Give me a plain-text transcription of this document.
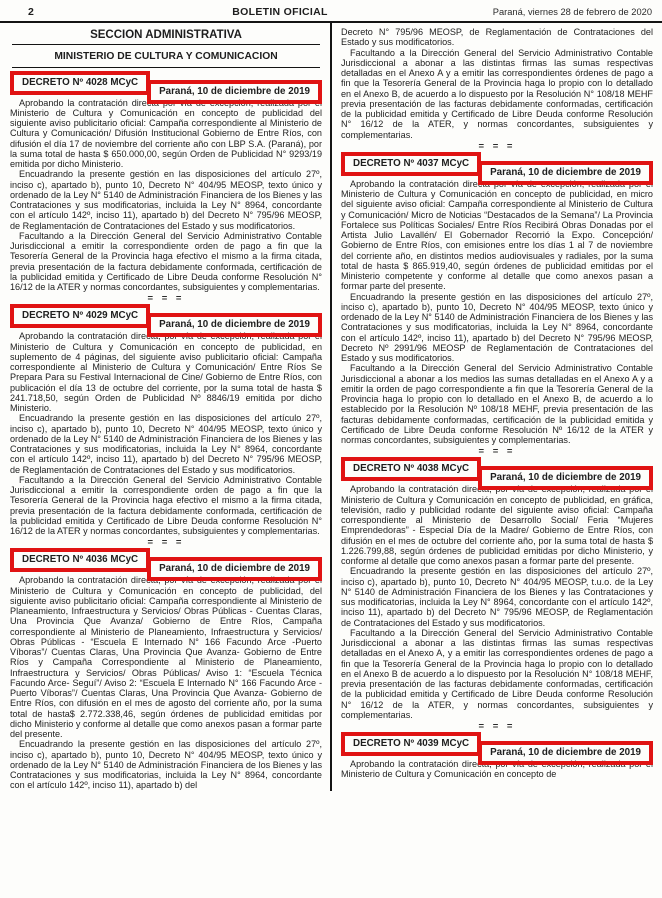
2	BOLETIN OFICIAL	Paraná, viernes 28 de febrero de 2020
SECCION ADMINISTRATIVA
MINISTERIO DE CULTURA Y COMUNICACION
DECRETO Nº 4028 MCyC
Paraná, 10 de diciembre de 2019

Aprobando la contratación directa por vía de excepción, realizada por el Ministerio de Cultura y Comunicación en concepto de publicidad del siguiente aviso publicitario oficial: Campaña correspondiente al Ministerio de Cultura y Comunicación/ Difusión Institucional Gobierno de Entre Ríos, con difusión el día 17 de noviembre del corriente año con LBP S.A. (Paraná), por la suma total de hasta $ 650.000,00, según Orden de Publicidad N° 9293/19 emitida por dicho Ministerio.

Encuadrando la presente gestión en las disposiciones del artículo 27º, inciso c), apartado b), punto 10, Decreto N° 404/95 MEOSP, texto único y ordenado de la Ley N° 5140 de Administración Financiera de los Bienes y las Contrataciones y sus modificatorias, incluida la Ley N° 8964, concordante con el artículo 142º, inciso 11), apartado b) del Decreto N° 795/96 MEOSP, de Reglamentación de Contrataciones del Estado y sus modificatorios.

Facultando a la Dirección General del Servicio Administrativo Contable Jurisdiccional a emitir la correspondiente orden de pago a fin que la Tesorería General de la Provincia haga efectivo el mismo a la firma citada, previa presentación de la factura debidamente conformada, certificación de la publicidad emitida y Certificado de Libre Deuda conforme Resolución N° 16/12 de la ATER y normas concordantes, subsiguientes y complementarias.

= = =
DECRETO Nº 4029 MCyC
Paraná, 10 de diciembre de 2019

Aprobando la contratación directa, por vía de excepción, realizada por el Ministerio de Cultura y Comunicación en concepto de publicidad, en suplemento de 4 páginas, del siguiente aviso publicitario oficial: Campaña correspondiente al Ministerio de Cultura y Comunicación/ Entre Ríos Se Prepara Para su Festival Internacional de Cine/ Gobierno de Entre Ríos, con publicación el día 13 de octubre del corriente, por la suma total de hasta $ 241.718,50, según Orden de Publicidad Nº 8846/19 emitida por dicho Ministerio.

Encuadrando la presente gestión en las disposiciones del artículo 27º, inciso c), apartado b), punto 10, Decreto N° 404/95 MEOSP, texto único y ordenado de la Ley N° 5140 de Administración Financiera de los Bienes y las Contrataciones y sus modificatorias, incluida la Ley N° 8964, concordante con el artículo 142º, inciso 11), apartado b) del Decreto N° 795/96 MEOSP, de Reglamentación de Contrataciones del Estado y sus modificatorios.

Facultando a la Dirección General del Servicio Administrativo Contable Jurisdiccional a emitir la correspondiente orden de pago a fin que la Tesorería General de la Provincia haga efectivo el mismo a la firma citada, previa presentación de la factura debidamente conformada, certificación de la publicidad emitida y Certificado de Libre Deuda conforme Resolución N° 16/12 de la ATER y normas concordantes, subsiguientes y complementarias.

= = =
DECRETO Nº 4036 MCyC
Paraná, 10 de diciembre de 2019

Aprobando la contratación directa, por vía de excepción, realizada por el Ministerio de Cultura y Comunicación en concepto de publicidad, del siguiente aviso publicitario oficial: Campaña correspondiente al Ministerio de Planeamiento, Infraestructura y Servicios/ Obras Públicas - Cuentas Claras, Una Provincia Que Avanza/ Gobierno de Entre Ríos, Campaña correspondiente al Ministerio de Planeamiento, Infraestructura y Servicios/ Obras Públicas - “Escuela E Internado N° 166 Facundo Arce -Puerto Víboras”/ Cuentas Claras, Una Provincia Que Avanza- Gobierno de Entre Ríos y Campaña Correspondiente al Ministerio de Planeamiento, Infraestructura y Servicios/ Obras Públicas/ Aviso 1: “Escuela Técnica Facundo Arce- Seguí”/ Aviso 2: “Escuela E Internado N° 166 Facundo Arce -Puerto Víboras”/ Cuentas Claras, Una Provincia Que Avanza- Gobierno de Entre Ríos, con difusión en el mes de agosto del corriente año, por la suma total de hasta$ 2.772.338,46, según órdenes de publicidad emitidas por dicho Ministerio y conforme al detalle que como anexos pasan a formar parte del presente.

Encuadrando la presente gestión en las disposiciones del artículo 27º, inciso c), apartado b), punto 10, Decreto N° 404/95 MEOSP, texto único y ordenado de la Ley N° 5140 de Administración Financiera de los Bienes y las Contrataciones y sus modificatorias, incluida la Ley N° 8964, concordante con el artículo 142º, inciso 11), apartado b) del

Decreto N° 795/96 MEOSP, de Reglamentación de Contrataciones del Estado y sus modificatorios.

Facultando a la Dirección General del Servicio Administrativo Contable Jurisdiccional a abonar a las distintas firmas las sumas respectivas detalladas en el Anexo A y a emitir las correspondientes órdenes de pago a fin que la Tesorería General de la Provincia haga lo propio con lo detallado en el Anexo B, de acuerdo a lo dispuesto por la Resolución N° 108/18 MEHF previa presentación de las facturas debidamente conformadas, certificación de la publicidad emitida y Certificado de Libre Deuda conforme Resolución N° 16/12 de la ATER, y normas concordantes, subsiguientes y complementarias.

= = =
DECRETO Nº 4037 MCyC
Paraná, 10 de diciembre de 2019

Aprobando la contratación directa por vía de excepción, realizada por el Ministerio de Cultura y Comunicación en concepto de publicidad, en micro del siguiente aviso oficial: Campaña correspondiente al Ministerio de Cultura y Comunicación/ Micro de Noticias “Destacados de la Semana”/ La Provincia Fortalece sus Políticas Sociales/ Entre Ríos Recibirá Obras Donadas por el Artista Julio Lavallén/ El Gobernador Recorrió la Expo. Concepción/ Gobierno de Entre Ríos, con emisiones entre los días 1 al 7 de noviembre del corriente año, en distintos medios audiovisuales y radiales, por la suma total de hasta $ 865.919,40, según órdenes de publicidad emitidas por el Ministerio competente y conforme al detalle que como anexos pasan a formar parte del presente.

Encuadrando la presente gestión en las disposiciones del artículo 27º, inciso c), apartado b), punto 10, Decreto N° 404/95 MEOSP, texto único y ordenado de la Ley N° 5140 de Administración Financiera de los Bienes y las Contrataciones y sus modificatorias, incluida la Ley N° 8964, concordante con el artículo 142º, inciso 11), apartado b) del Decreto N° 795/96 MEOSP, Decreto Nº 2991/96 MEOSP de Reglamentación de Contrataciones del Estado y sus modificatorios.

Facultando a la Dirección General del Servicio Administrativo Contable Jurisdiccional a abonar a los medios las sumas detalladas en el Anexo A y a emitir la orden de pago correspondiente a fin que la Tesorería General de la Provincia haga lo propio con lo detallado en el Anexo B, de acuerdo a lo establecido por la Resolución Nº 108/18 MEHF, previa presentación de las facturas debidamente conformadas, certificación de la publicidad emitida y Certificado de Libre Deuda conforme Resolución Nº 16/12 de la ATER y normas concordantes, subsiguientes y complementarias.

= = =
DECRETO Nº 4038 MCyC
Paraná, 10 de diciembre de 2019

Aprobando la contratación directa, por vía de excepción, realizada por el Ministerio de Cultura y Comunicación en concepto de publicidad, en gráfica, televisión, radio y publicidad rodante del siguiente aviso oficial: Campaña correspondiente al Ministerio de Desarrollo Social/ Feria “Mujeres Emprendedoras” - Especial Día de la Madre/ Gobierno de Entre Ríos, con difusión en el mes de octubre del corriente año, por la suma total de hasta $ 1.226.799,88, según órdenes de publicidad emitidas por dicho Ministerio, y conforme al detalle que como anexos pasan a formar parte del presente.

Encuadrando la presente gestión en las disposiciones del artículo 27º, inciso c), apartado b), punto 10, Decreto N° 404/95 MEOSP, t.u.o. de la Ley N° 5140 de Administración Financiera de los Bienes y las Contrataciones y sus modificatorias, incluida la Ley N° 8964, concordante con el artículo 142º, inciso 11), apartado b) del Decreto N° 795/96 MEOSP, de Reglamentación de Contrataciones del Estado y sus modificatorios.

Facultando a la Dirección General del Servicio Administrativo Contable Jurisdiccional a abonar a las distintas firmas las sumas respectivas detalladas en el Anexo A, y a emitir las correspondientes ordenes de pago a fin que la Tesorería General de la Provincia haga lo propio con lo detallado en el Anexo B de acuerdo a lo dispuesto por la Resolución N° 108/18 MEHF, previa presentación de las facturas debidamente conformadas, certificación de la publicidad emitida y Certificado de Libre Deuda conforme Resolución N° 16/12 de la ATER, y normas concordantes, subsiguientes y complementarias.

= = =
DECRETO Nº 4039 MCyC
Paraná, 10 de diciembre de 2019

Aprobando la contratación directa, por vía de excepción, realizada por el Ministerio de Cultura y Comunicación en concepto de
